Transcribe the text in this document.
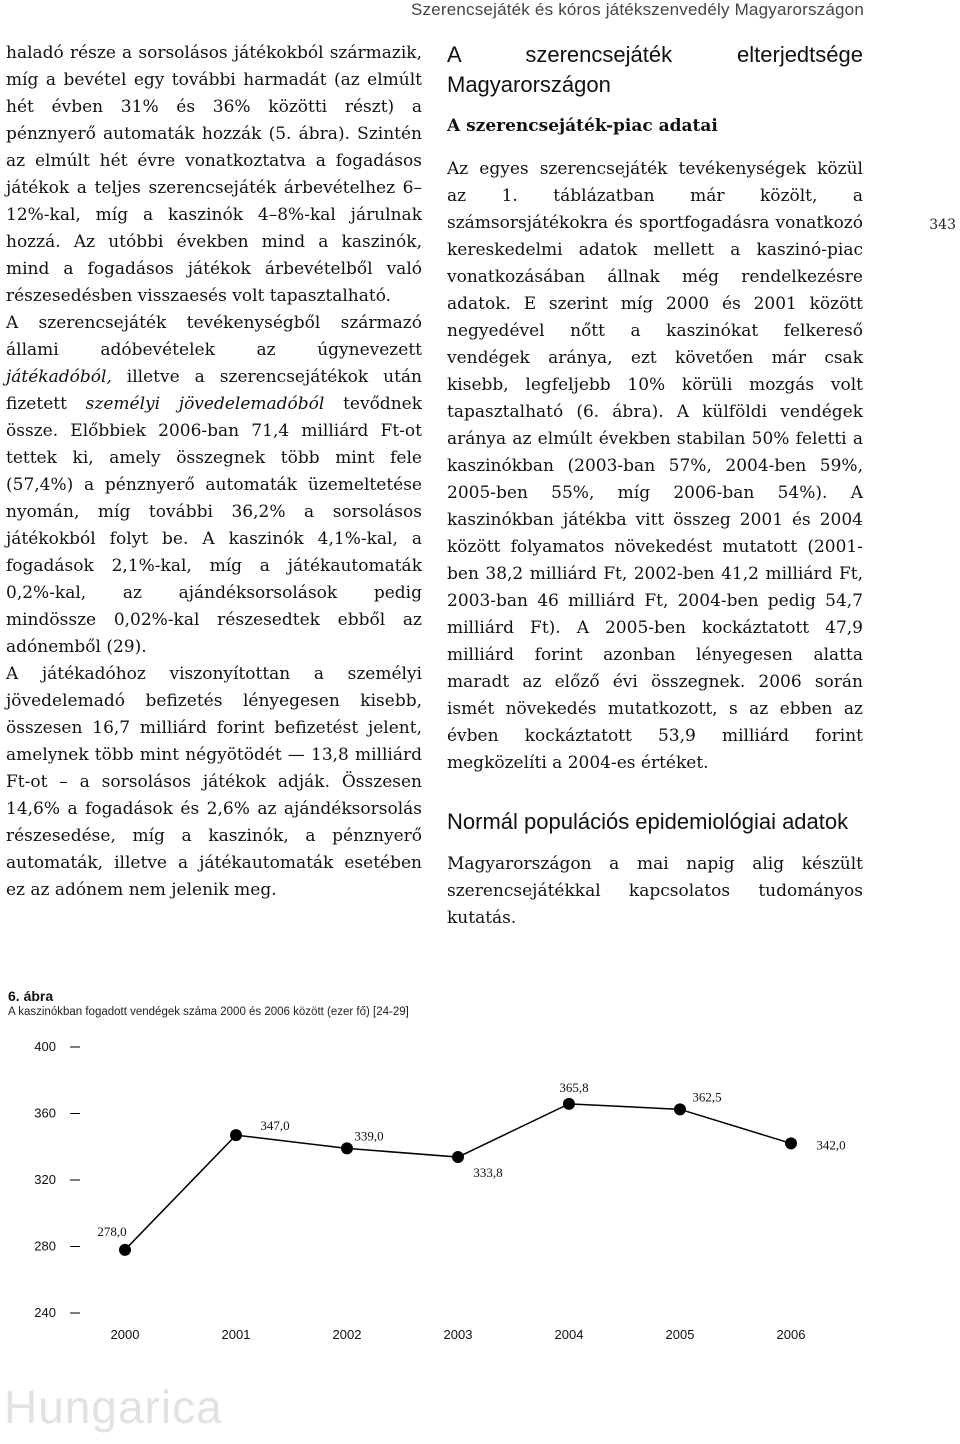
Szerencsejáték és kóros játékszenvedély Magyarországon
343

haladó része a sorsolásos játékokból származik, míg a bevétel egy további harmadát (az elmúlt hét évben 31% és 36% közötti részt) a pénznyerő automaták hozzák (5. ábra). Szintén az elmúlt hét évre vonatkoztatva a fogadásos játékok a teljes szerencsejáték árbevételhez 6–12%-kal, míg a kaszinók 4–8%-kal járulnak hozzá. Az utóbbi években mind a kaszinók, mind a fogadásos játékok árbevételből való részesedésben visszaesés volt tapasztalható.

A szerencsejáték tevékenységből származó állami adóbevételek az úgynevezett játékadóból, illetve a szerencsejátékok után fizetett személyi jövedelemadóból tevődnek össze. Előbbiek 2006-ban 71,4 milliárd Ft-ot tettek ki, amely összegnek több mint fele (57,4%) a pénznyerő automaták üzemeltetése nyomán, míg további 36,2% a sorsolásos játékokból folyt be. A kaszinók 4,1%-kal, a fogadások 2,1%-kal, míg a játékautomaták 0,2%-kal, az ajándéksorsolások pedig mindössze 0,02%-kal részesedtek ebből az adónemből (29).

A játékadóhoz viszonyítottan a személyi jövedelemadó befizetés lényegesen kisebb, összesen 16,7 milliárd forint befizetést jelent, amelynek több mint négyötödét — 13,8 milliárd Ft-ot – a sorsolásos játékok adják. Összesen 14,6% a fogadások és 2,6% az ajándéksorsolás részesedése, míg a kaszinók, a pénznyerő automaták, illetve a játékautomaták esetében ez az adónem nem jelenik meg.

A szerencsejáték elterjedtsége Magyarországon
A szerencsejáték-piac adatai

Az egyes szerencsejáték tevékenységek közül az 1. táblázatban már közölt, a számsorsjátékokra és sportfogadásra vonatkozó kereskedelmi adatok mellett a kaszinó-piac vonatkozásában állnak még rendelkezésre adatok. E szerint míg 2000 és 2001 között negyedével nőtt a kaszinókat felkereső vendégek aránya, ezt követően már csak kisebb, legfeljebb 10% körüli mozgás volt tapasztalható (6. ábra). A külföldi vendégek aránya az elmúlt években stabilan 50% feletti a kaszinókban (2003-ban 57%, 2004-ben 59%, 2005-ben 55%, míg 2006-ban 54%). A kaszinókban játékba vitt összeg 2001 és 2004 között folyamatos növekedést mutatott (2001-ben 38,2 milliárd Ft, 2002-ben 41,2 milliárd Ft, 2003-ban 46 milliárd Ft, 2004-ben pedig 54,7 milliárd Ft). A 2005-ben kockáztatott 47,9 milliárd forint azonban lényegesen alatta maradt az előző évi összegnek. 2006 során ismét növekedés mutatkozott, s az ebben az évben kockáztatott 53,9 milliárd forint megközelíti a 2004-es értéket.

Normál populációs epidemiológiai adatok

Magyarországon a mai napig alig készült szerencsejátékkal kapcsolatos tudományos kutatás.

6. ábra
A kaszinókban fogadott vendégek száma 2000 és 2006 között (ezer fő) [24-29]
400
360
320
280
240
2000	2001	2002	2003	2004	2005	2006
278,0
347,0
339,0
333,8
365,8
362,5
342,0
Hungarica
